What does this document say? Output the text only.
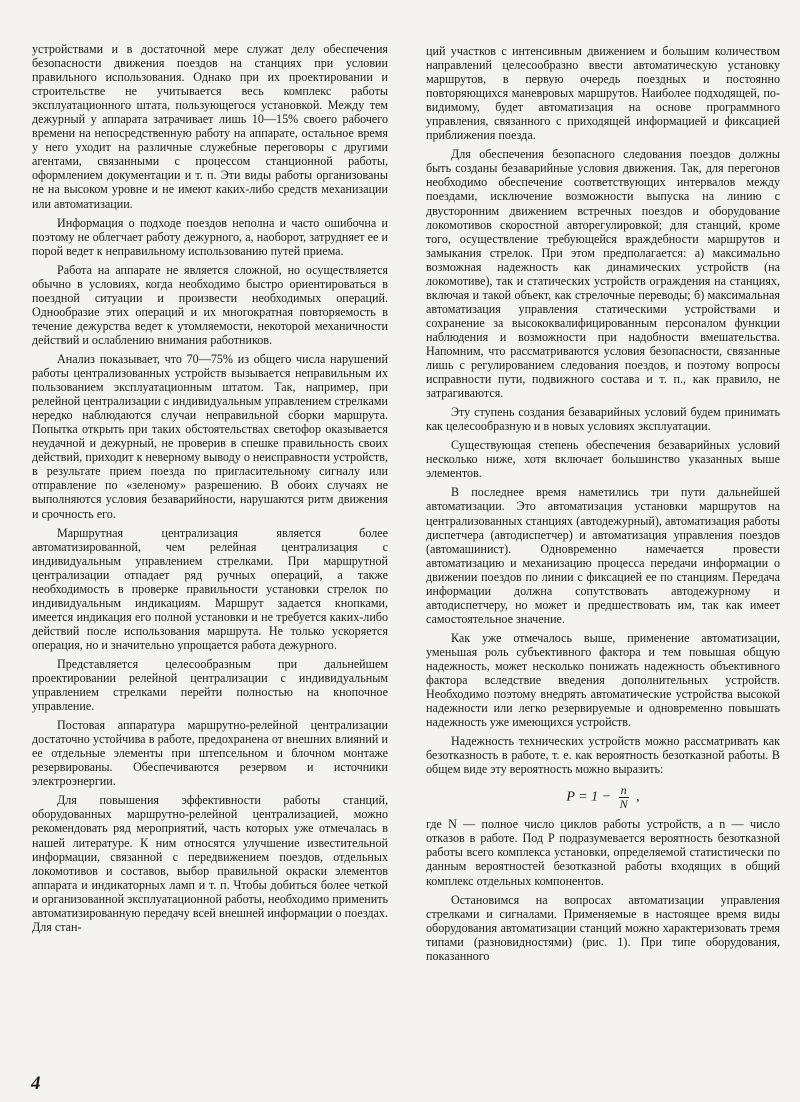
устройствами и в достаточной мере служат делу обеспечения безопасности движения поездов на станциях при условии правильного использования. Однако при их проектировании и строительстве не учитывается весь комплекс работы эксплуатационного штата, пользующегося установкой. Между тем дежурный у аппарата затрачивает лишь 10—15% своего рабочего времени на непосредственную работу на аппарате, остальное время у него уходит на различные служебные переговоры с другими агентами, связанными с процессом станционной работы, оформлением документации и т. п. Эти виды работы организованы не на высоком уровне и не имеют каких-либо средств механизации или автоматизации.

Информация о подходе поездов неполна и часто ошибочна и поэтому не облегчает работу дежурного, а, наоборот, затрудняет ее и порой ведет к неправильному использованию путей приема.

Работа на аппарате не является сложной, но осуществляется обычно в условиях, когда необходимо быстро ориентироваться в поездной ситуации и произвести необходимых операций. Однообразие этих операций и их многократная повторяемость в течение дежурства ведет к утомляемости, некоторой механичности действий и ослаблению внимания работников.

Анализ показывает, что 70—75% из общего числа нарушений работы централизованных устройств вызывается неправильным их пользованием эксплуатационным штатом. Так, например, при релейной централизации с индивидуальным управлением стрелками нередко наблюдаются случаи неправильной сборки маршрута. Попытка открыть при таких обстоятельствах светофор оказывается неудачной и дежурный, не проверив в спешке правильность своих действий, приходит к неверному выводу о неисправности устройств, в результате прием поезда по пригласительному сигналу или отправление по «зеленому» разрешению. В обоих случаях не выполняются условия безаварийности, нарушаются ритм движения и срочность его.

Маршрутная централизация является более автоматизированной, чем релейная централизация с индивидуальным управлением стрелками. При маршрутной централизации отпадает ряд ручных операций, а также необходимость в проверке правильности установки стрелок по индивидуальным индикациям. Маршрут задается кнопками, имеется индикация его полной установки и не требуется каких-либо действий после использования маршрута. Не только ускоряется операция, но и значительно упрощается работа дежурного.

Представляется целесообразным при дальнейшем проектировании релейной централизации с индивидуальным управлением стрелками перейти полностью на кнопочное управление.

Постовая аппаратура маршрутно-релейной централизации достаточно устойчива в работе, предохранена от внешних влияний и ее отдельные элементы при штепсельном и блочном монтаже резервированы. Обеспечиваются резервом и источники электроэнергии.

Для повышения эффективности работы станций, оборудованных маршрутно-релейной централизацией, можно рекомендовать ряд мероприятий, часть которых уже отмечалась в нашей литературе. К ним относятся улучшение известительной информации, связанной с передвижением поездов, отдельных локомотивов и составов, выбор правильной окраски элементов аппарата и индикаторных ламп и т. п. Чтобы добиться более четкой и организованной эксплуатационной работы, необходимо применить автоматизированную передачу всей внешней информации о поездах. Для стан-

ций участков с интенсивным движением и большим количеством направлений целесообразно ввести автоматическую установку маршрутов, в первую очередь поездных и постоянно повторяющихся маневровых маршрутов. Наиболее подходящей, по-видимому, будет автоматизация на основе программного управления, связанного с приходящей информацией и фиксацией приближения поезда.

Для обеспечения безопасного следования поездов должны быть созданы безаварийные условия движения. Так, для перегонов необходимо обеспечение соответствующих интервалов между поездами, исключение возможности выпуска на линию с двусторонним движением встречных поездов и оборудование локомотивов скоростной авторегулировкой; для станций, кроме того, осуществление требующейся враждебности маршрутов и замыкания стрелок. При этом предполагается: а) максимально возможная надежность как динамических устройств (на локомотиве), так и статических устройств ограждения на станциях, включая и такой объект, как стрелочные переводы; б) максимальная автоматизация управления статическими устройствами и сохранение за высококвалифицированным персоналом функции наблюдения и возможности при надобности вмешательства. Напомним, что рассматриваются условия безопасности, связанные лишь с регулированием следования поездов, и поэтому вопросы исправности пути, подвижного состава и т. п., как правило, не затрагиваются.

Эту ступень создания безаварийных условий будем принимать как целесообразную и в новых условиях эксплуатации.

Существующая степень обеспечения безаварийных условий несколько ниже, хотя включает большинство указанных выше элементов.

В последнее время наметились три пути дальнейшей автоматизации. Это автоматизация установки маршрутов на централизованных станциях (автодежурный), автоматизация работы диспетчера (автодиспетчер) и автоматизация управления поездов (автомашинист). Одновременно намечается провести автоматизацию и механизацию процесса передачи информации о движении поездов по линии с фиксацией ее по станциям. Передача информации должна сопутствовать автодежурному и автодиспетчеру, но может и предшествовать им, так как имеет самостоятельное значение.

Как уже отмечалось выше, применение автоматизации, уменьшая роль субъективного фактора и тем повышая общую надежность, может несколько понижать надежность объективного фактора вследствие введения дополнительных устройств. Необходимо поэтому внедрять автоматические устройства высокой надежности или легко резервируемые и одновременно повышать надежность уже имеющихся устройств.

Надежность технических устройств можно рассматривать как безотказность в работе, т. е. как вероятность безотказной работы. В общем виде эту вероятность можно выразить:

$P = 1 - \frac{n}{N}$ ,

где N — полное число циклов работы устройств, а n — число отказов в работе. Под P подразумевается вероятность безотказной работы всего комплекса установки, определяемой статистически по данным вероятностей безотказной работы входящих в общий комплекс отдельных компонентов.

Остановимся на вопросах автоматизации управления стрелками и сигналами. Применяемые в настоящее время виды оборудования автоматизации станций можно характеризовать тремя типами (разновидностями) (рис. 1). При типе оборудования, показанного

4
